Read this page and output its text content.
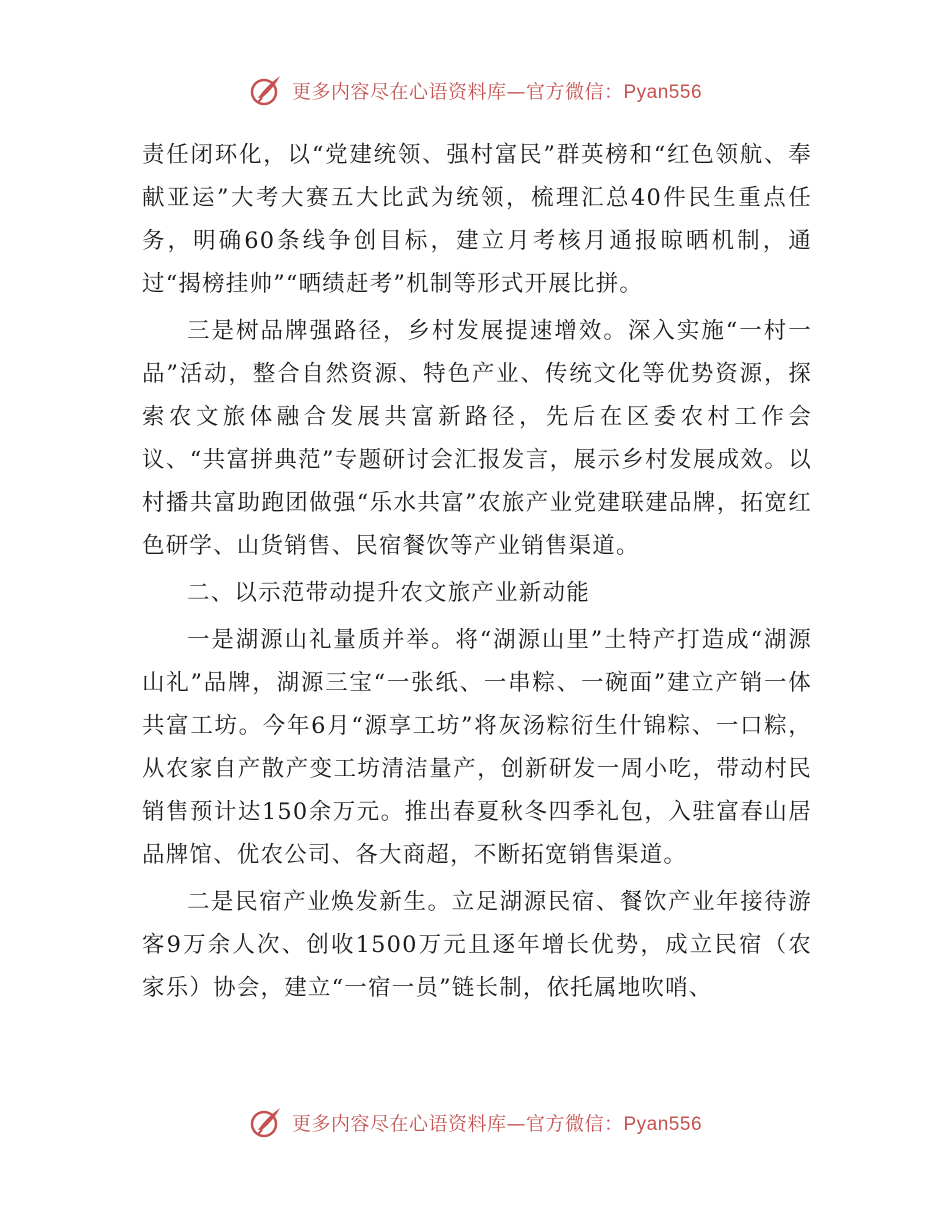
更多内容尽在心语资料库—官方微信：Pyan556

责任闭环化，以“党建统领、强村富民”群英榜和“红色领航、奉献亚运”大考大赛五大比武为统领，梳理汇总40件民生重点任务，明确60条线争创目标，建立月考核月通报晾晒机制，通过“揭榜挂帅”“晒绩赶考”机制等形式开展比拼。

三是树品牌强路径，乡村发展提速增效。深入实施“一村一品”活动，整合自然资源、特色产业、传统文化等优势资源，探索农文旅体融合发展共富新路径，先后在区委农村工作会议、“共富拼典范”专题研讨会汇报发言，展示乡村发展成效。以村播共富助跑团做强“乐水共富”农旅产业党建联建品牌，拓宽红色研学、山货销售、民宿餐饮等产业销售渠道。

二、以示范带动提升农文旅产业新动能

一是湖源山礼量质并举。将“湖源山里”土特产打造成“湖源山礼”品牌，湖源三宝“一张纸、一串粽、一碗面”建立产销一体共富工坊。今年6月“源享工坊”将灰汤粽衍生什锦粽、一口粽，从农家自产散产变工坊清洁量产，创新研发一周小吃，带动村民销售预计达150余万元。推出春夏秋冬四季礼包，入驻富春山居品牌馆、优农公司、各大商超，不断拓宽销售渠道。

二是民宿产业焕发新生。立足湖源民宿、餐饮产业年接待游客9万余人次、创收1500万元且逐年增长优势，成立民宿（农家乐）协会，建立“一宿一员”链长制，依托属地吹哨、

更多内容尽在心语资料库—官方微信：Pyan556
